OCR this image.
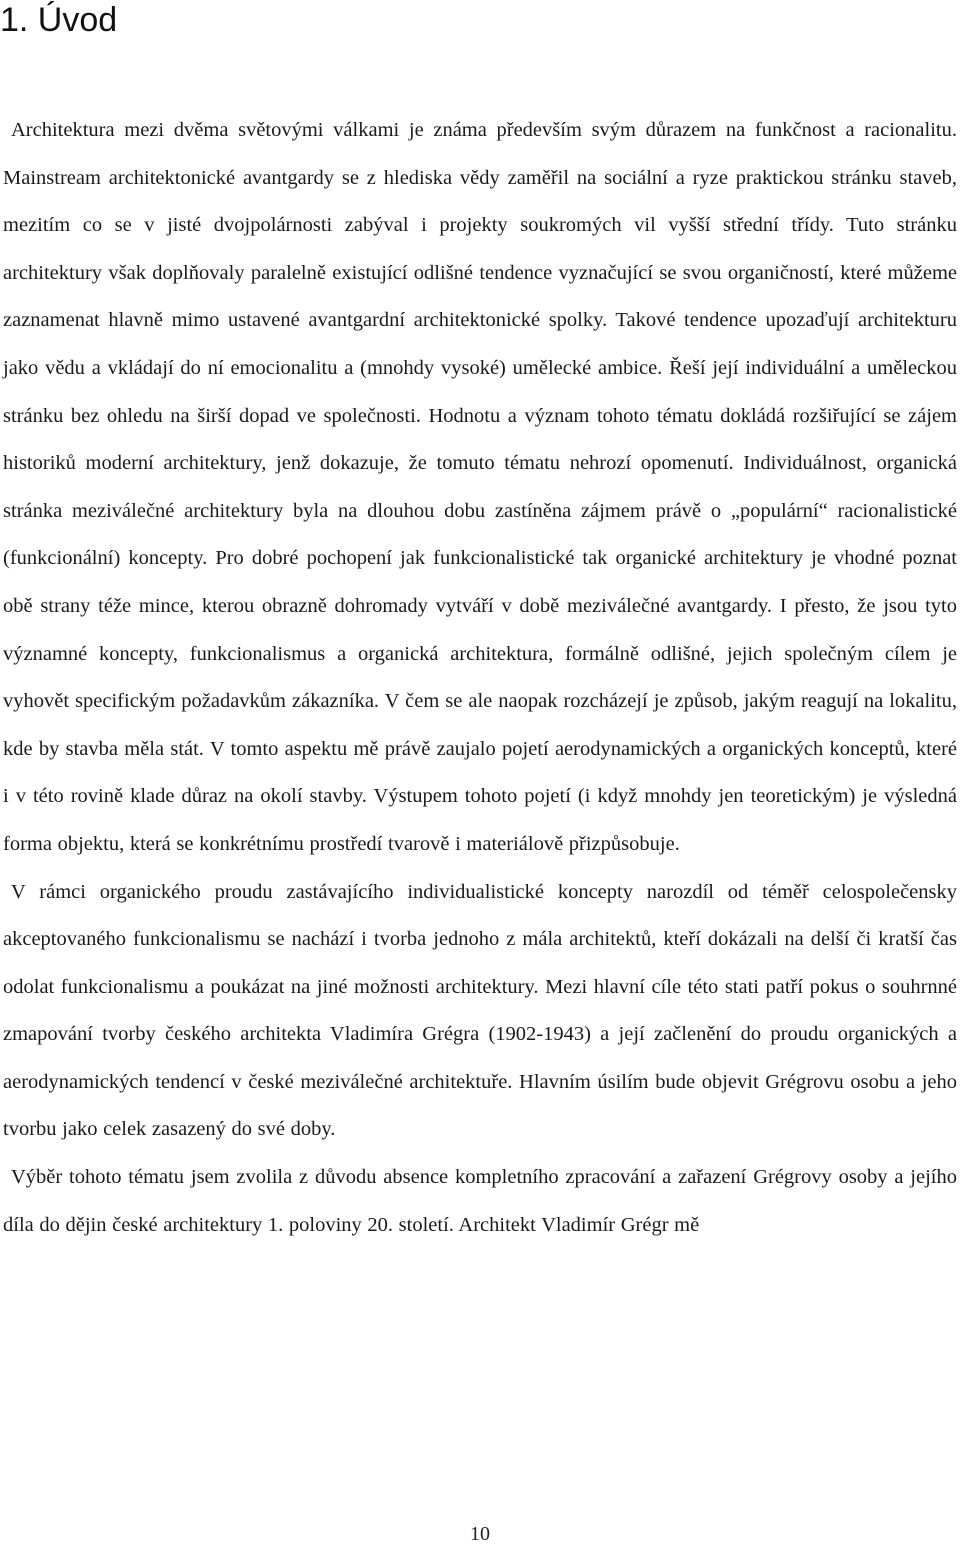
1. Úvod

Architektura mezi dvěma světovými válkami je známa především svým důrazem na funkčnost a racionalitu. Mainstream architektonické avantgardy se z hlediska vědy zaměřil na sociální a ryze praktickou stránku staveb, mezitím co se v jisté dvojpolárnosti zabýval i projekty soukromých vil vyšší střední třídy. Tuto stránku architektury však doplňovaly paralelně existující odlišné tendence vyznačující se svou organičností, které můžeme zaznamenat hlavně mimo ustavené avantgardní architektonické spolky. Takové tendence upozaďují architekturu jako vědu a vkládají do ní emocionalitu a (mnohdy vysoké) umělecké ambice. Řeší její individuální a uměleckou stránku bez ohledu na širší dopad ve společnosti. Hodnotu a význam tohoto tématu dokládá rozšiřující se zájem historiků moderní architektury, jenž dokazuje, že tomuto tématu nehrozí opomenutí. Individuálnost, organická stránka meziválečné architektury byla na dlouhou dobu zastíněna zájmem právě o „populární“ racionalistické (funkcionální) koncepty. Pro dobré pochopení jak funkcionalistické tak organické architektury je vhodné poznat obě strany téže mince, kterou obrazně dohromady vytváří v době meziválečné avantgardy. I přesto, že jsou tyto významné koncepty, funkcionalismus a organická architektura, formálně odlišné, jejich společným cílem je vyhovět specifickým požadavkům zákazníka. V čem se ale naopak rozcházejí je způsob, jakým reagují na lokalitu, kde by stavba měla stát. V tomto aspektu mě právě zaujalo pojetí aerodynamických a organických konceptů, které i v této rovině klade důraz na okolí stavby. Výstupem tohoto pojetí (i když mnohdy jen teoretickým) je výsledná forma objektu, která se konkrétnímu prostředí tvarově i materiálově přizpůsobuje.

V rámci organického proudu zastávajícího individualistické koncepty narozdíl od téměř celospolečensky akceptovaného funkcionalismu se nachází i tvorba jednoho z mála architektů, kteří dokázali na delší či kratší čas odolat funkcionalismu a poukázat na jiné možnosti architektury. Mezi hlavní cíle této stati patří pokus o souhrnné zmapování tvorby českého architekta Vladimíra Grégra (1902-1943) a její začlenění do proudu organických a aerodynamických tendencí v české meziválečné architektuře. Hlavním úsilím bude objevit Grégrovu osobu a jeho tvorbu jako celek zasazený do své doby.

Výběr tohoto tématu jsem zvolila z důvodu absence kompletního zpracování a zařazení Grégrovy osoby a jejího díla do dějin české architektury 1. poloviny 20. století. Architekt Vladimír Grégr mě

10
